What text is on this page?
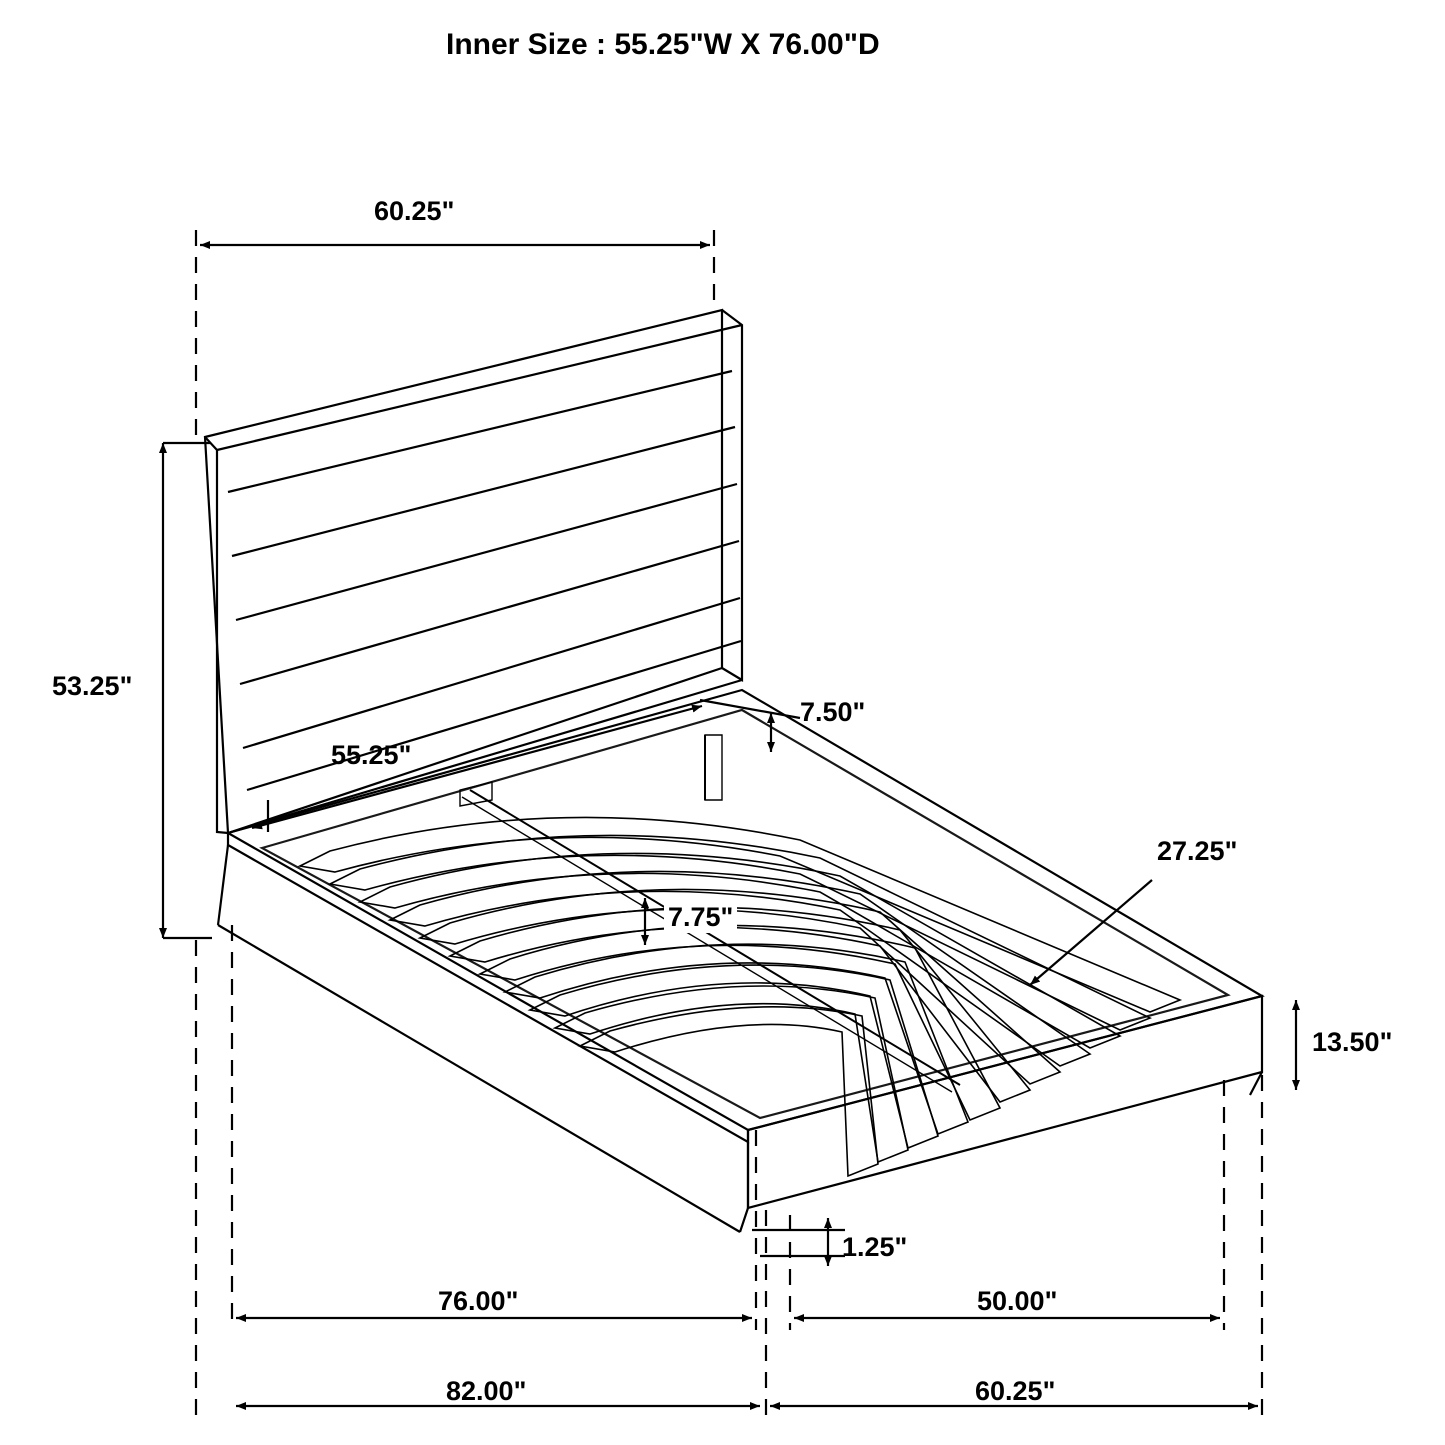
Inner Size : 55.25"W X 76.00"D
60.25"
53.25"
55.25"
7.50"
7.75"
27.25"
13.50"
1.25"
76.00"	50.00"
82.00"	60.25"
